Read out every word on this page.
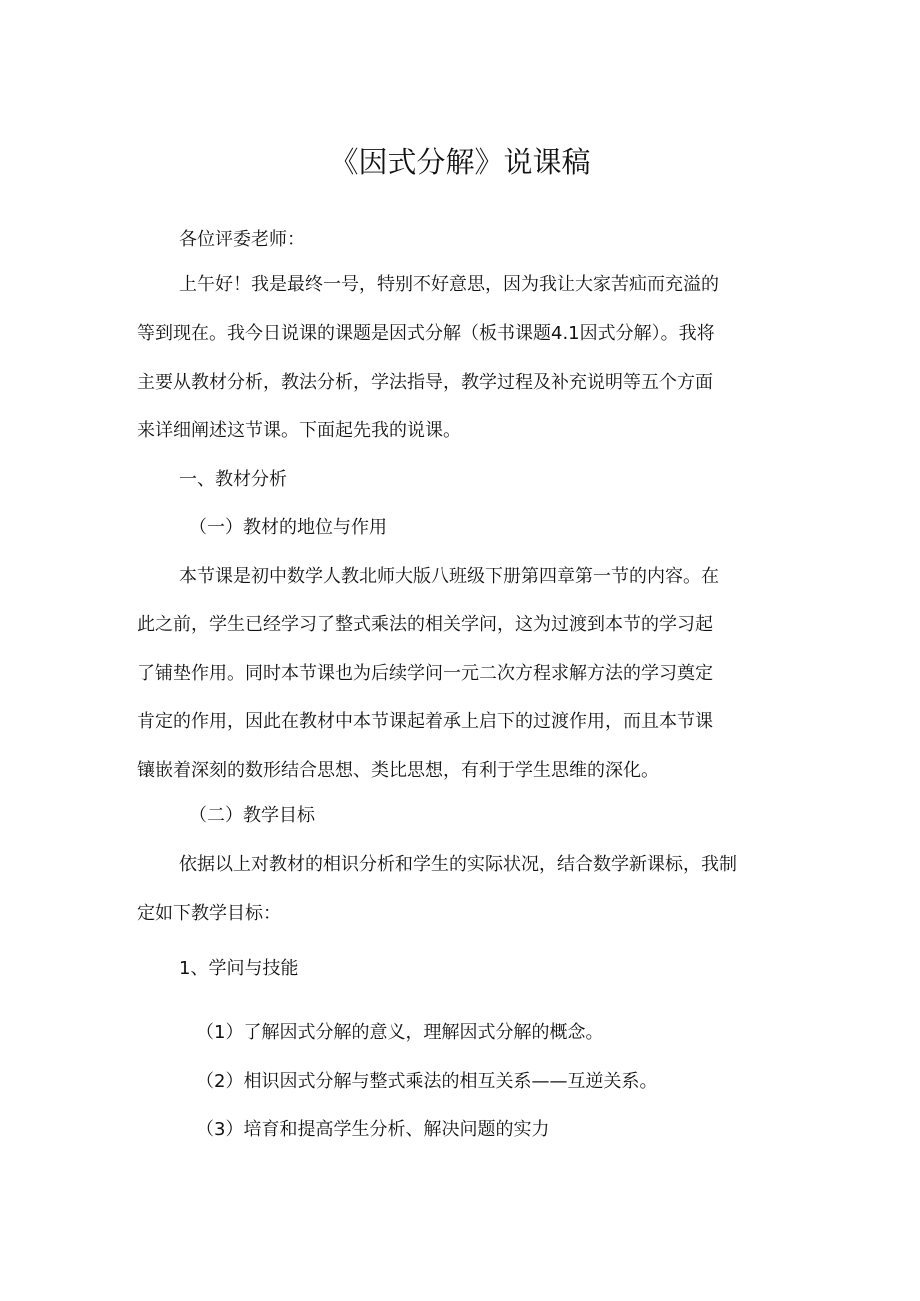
《因式分解》说课稿
各位评委老师：
上午好！我是最终一号，特别不好意思，因为我让大家苦疝而充溢的
等到现在。我今日说课的课题是因式分解（板书课题4.1因式分解）。我将
主要从教材分析，教法分析，学法指导，教学过程及补充说明等五个方面
来详细阐述这节课。下面起先我的说课。
一、教材分析
（一）教材的地位与作用
本节课是初中数学人教北师大版八班级下册第四章第一节的内容。在
此之前，学生已经学习了整式乘法的相关学问，这为过渡到本节的学习起
了铺垫作用。同时本节课也为后续学问一元二次方程求解方法的学习奠定
肯定的作用，因此在教材中本节课起着承上启下的过渡作用，而且本节课
镶嵌着深刻的数形结合思想、类比思想，有利于学生思维的深化。
（二）教学目标
依据以上对教材的相识分析和学生的实际状况，结合数学新课标，我制
定如下教学目标：
1、学问与技能
（1）了解因式分解的意义，理解因式分解的概念。
（2）相识因式分解与整式乘法的相互关系——互逆关系。
（3）培育和提高学生分析、解决问题的实力
